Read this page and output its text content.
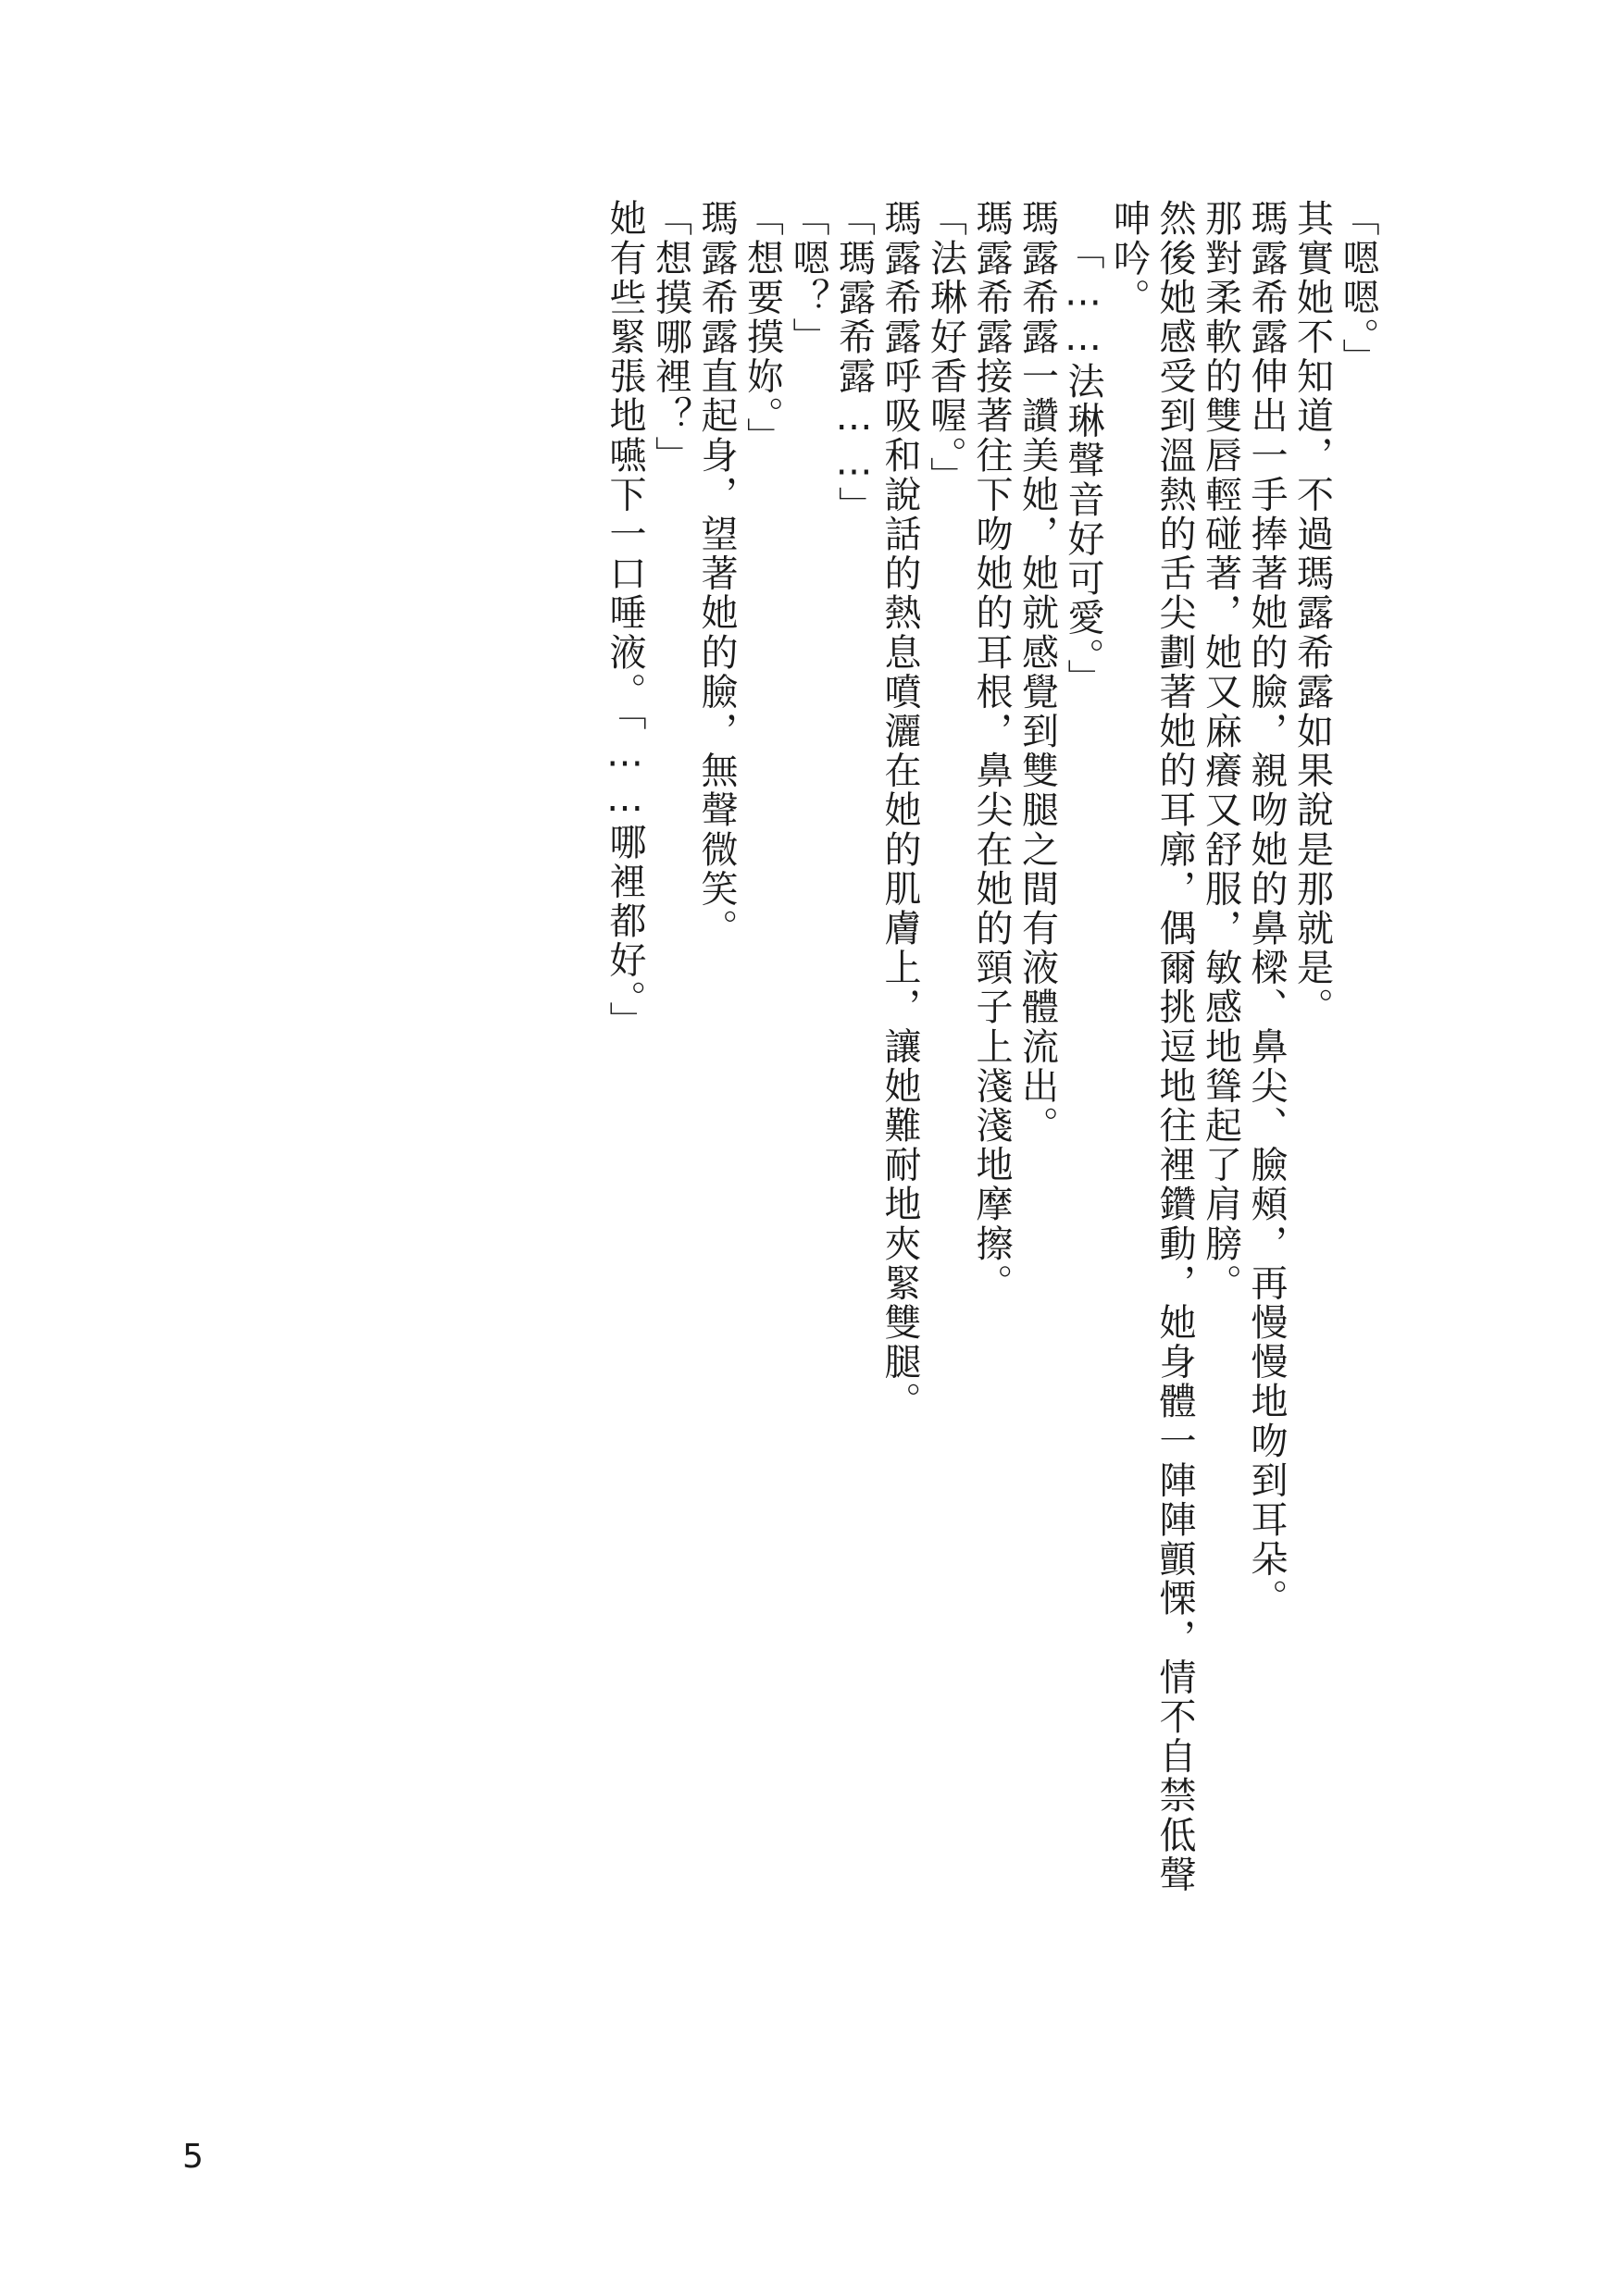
「嗯嗯。」

其實她不知道，不過瑪露希露如果說是那就是。

瑪露希露伸出一手捧著她的臉，親吻她的鼻樑、鼻尖、臉頰，再慢慢地吻到耳朵。

那對柔軟的雙唇輕碰著，她又麻癢又舒服，敏感地聳起了肩膀。

然後她感受到溫熱的舌尖劃著她的耳廓，偶爾挑逗地往裡鑽動，她身體一陣陣顫慄，情不自禁低聲呻吟。

「……法琳聲音好可愛。」

瑪露希露一讚美她，她就感覺到雙腿之間有液體流出。

瑪露希露接著往下吻她的耳根，鼻尖在她的頸子上淺淺地摩擦。

「法琳好香喔。」

瑪露希露呼吸和說話的熱息噴灑在她的肌膚上，讓她難耐地夾緊雙腿。

「瑪露希露……」

「嗯？」

「想要摸妳。」

瑪露希露直起身，望著她的臉，無聲微笑。

「想摸哪裡？」

她有些緊張地嚥下一口唾液。「……哪裡都好。」

5
